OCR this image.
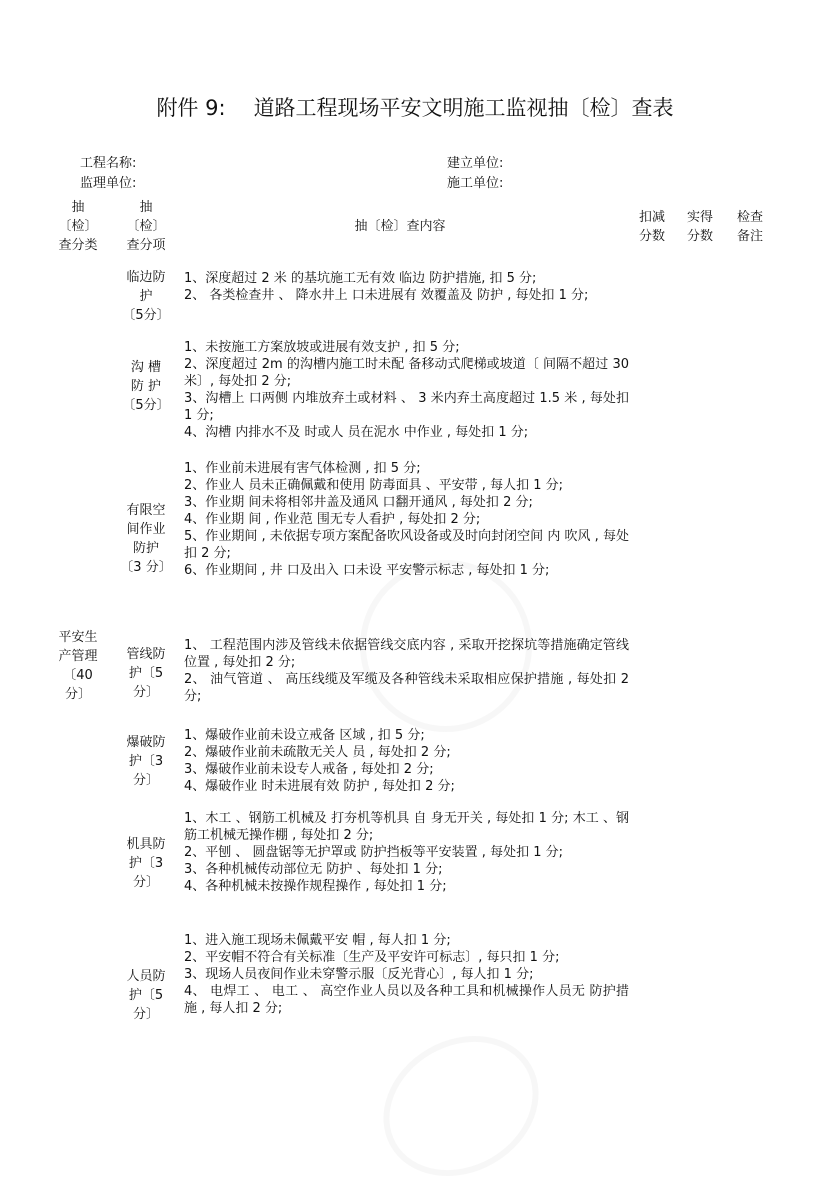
附件 9: 道路工程现场平安文明施工监视抽〔检〕查表
工程名称:	建立单位:
监理单位:	施工单位:
抽
〔检〕
查分类
抽
〔检〕
查分项
抽〔检〕查内容
扣减
分数
实得
分数
检查
备注
平安生
产管理
〔40
分〕
临边防
护
〔5分〕
1、深度超过 2 米 的基坑施工无有效 临边 防护措施, 扣 5 分;
2、 各类检查井 、 降水井上 口未进展有 效覆盖及 防护 , 每处扣 1 分;
沟 槽
防 护
〔5分〕
1、未按施工方案放坡或进展有效支护 , 扣 5 分;
2、深度超过 2m 的沟槽内施工时未配 备移动式爬梯或坡道〔 间隔不超过 30 米〕, 每处扣 2 分;
3、沟槽上 口两侧 内堆放弃土或材料 、 3 米内弃土高度超过 1.5 米 , 每处扣 1 分;
4、沟槽 内排水不及 时或人 员在泥水 中作业 , 每处扣 1 分;
有限空
间作业
防护
〔3 分〕
1、作业前未进展有害气体检测 , 扣 5 分;
2、作业人 员未正确佩戴和使用 防毒面具 、平安带 , 每人扣 1 分;
3、作业期 间未将相邻井盖及通风 口翻开通风 , 每处扣 2 分;
4、作业期 间 , 作业范 围无专人看护 , 每处扣 2 分;
5、作业期间 , 未依据专项方案配备吹风设备或及时向封闭空间 内 吹风 , 每处扣 2 分;
6、作业期间 , 井 口及出入 口未设 平安警示标志 , 每处扣 1 分;
管线防
护〔5
分〕
1、 工程范围内涉及管线未依据管线交底内容 , 采取开挖探坑等措施确定管线位置 , 每处扣 2 分;
2、 油气管道 、 高压线缆及军缆及各种管线未采取相应保护措施 , 每处扣 2 分;
爆破防
护〔3
分〕
1、爆破作业前未设立戒备 区域 , 扣 5 分;
2、爆破作业前未疏散无关人 员 , 每处扣 2 分;
3、爆破作业前未设专人戒备 , 每处扣 2 分;
4、爆破作业 时未进展有效 防护 , 每处扣 2 分;
机具防
护〔3
分〕
1、木工 、钢筋工机械及 打夯机等机具 自 身无开关 , 每处扣 1 分; 木工 、钢筋工机械无操作棚 , 每处扣 2 分;
2、平刨 、 圆盘锯等无护罩或 防护挡板等平安装置 , 每处扣 1 分;
3、各种机械传动部位无 防护 、每处扣 1 分;
4、各种机械未按操作规程操作 , 每处扣 1 分;
人员防
护〔5
分〕
1、进入施工现场未佩戴平安 帽 , 每人扣 1 分;
2、平安帽不符合有关标准〔生产及平安许可标志〕, 每只扣 1 分;
3、现场人员夜间作业未穿警示服〔反光背心〕, 每人扣 1 分;
4、 电焊工 、 电工 、 高空作业人员以及各种工具和机械操作人员无 防护措施 , 每人扣 2 分;
